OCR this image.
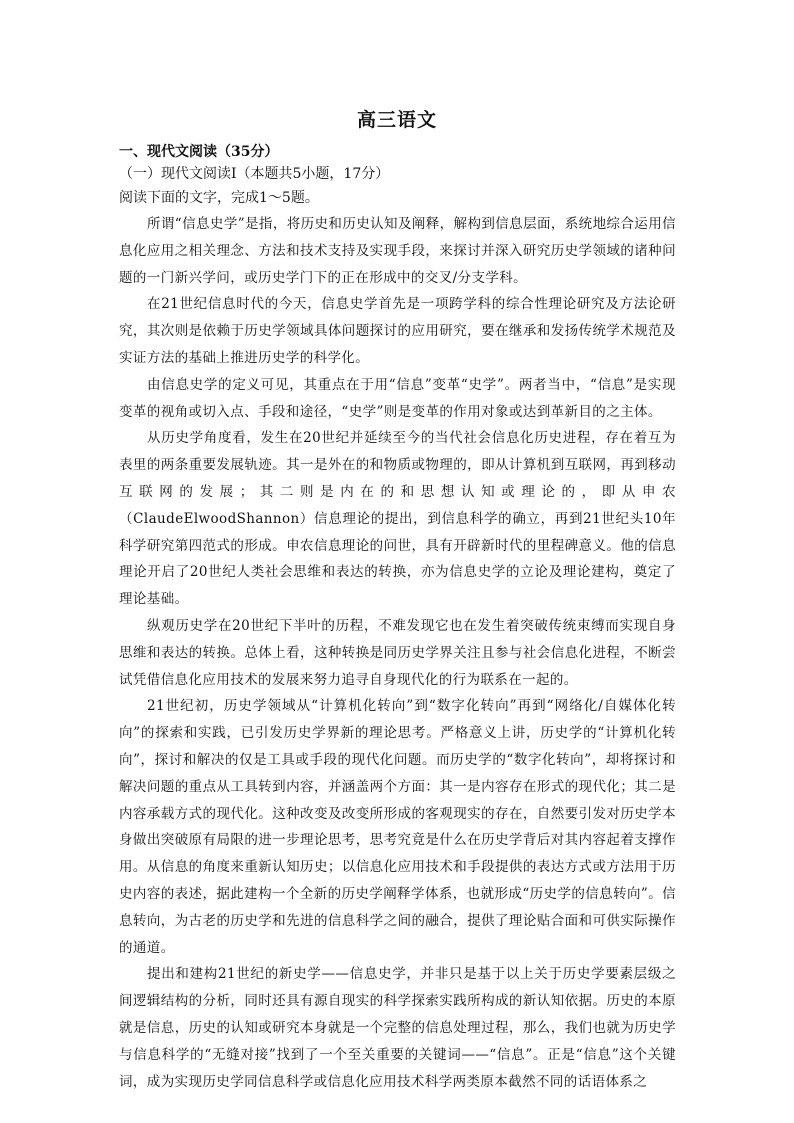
高三语文
一、现代文阅读（35分）
（一）现代文阅读Ⅰ（本题共5小题，17分）
阅读下面的文字，完成1～5题。

所谓“信息史学”是指，将历史和历史认知及阐释，解构到信息层面，系统地综合运用信息化应用之相关理念、方法和技术支持及实现手段，来探讨并深入研究历史学领域的诸种问题的一门新兴学问，或历史学门下的正在形成中的交叉/分支学科。

在21世纪信息时代的今天，信息史学首先是一项跨学科的综合性理论研究及方法论研究，其次则是依赖于历史学领域具体问题探讨的应用研究，要在继承和发扬传统学术规范及实证方法的基础上推进历史学的科学化。

由信息史学的定义可见，其重点在于用“信息”变革“史学”。两者当中，“信息”是实现变革的视角或切入点、手段和途径，“史学”则是变革的作用对象或达到革新目的之主体。

从历史学角度看，发生在20世纪并延续至今的当代社会信息化历史进程，存在着互为表里的两条重要发展轨迹。其一是外在的和物质或物理的，即从计算机到互联网，再到移动互联网的发展；其二则是内在的和思想认知或理论的，即从申农（ClaudeElwoodShannon）信息理论的提出，到信息科学的确立，再到21世纪头10年科学研究第四范式的形成。申农信息理论的问世，具有开辟新时代的里程碑意义。他的信息理论开启了20世纪人类社会思维和表达的转换，亦为信息史学的立论及理论建构，奠定了理论基础。

纵观历史学在20世纪下半叶的历程，不难发现它也在发生着突破传统束缚而实现自身思维和表达的转换。总体上看，这种转换是同历史学界关注且参与社会信息化进程，不断尝试凭借信息化应用技术的发展来努力追寻自身现代化的行为联系在一起的。

21世纪初，历史学领域从“计算机化转向”到“数字化转向”再到“网络化/自媒体化转向”的探索和实践，已引发历史学界新的理论思考。严格意义上讲，历史学的“计算机化转向”，探讨和解决的仅是工具或手段的现代化问题。而历史学的“数字化转向”，却将探讨和解决问题的重点从工具转到内容，并涵盖两个方面：其一是内容存在形式的现代化；其二是内容承载方式的现代化。这种改变及改变所形成的客观现实的存在，自然要引发对历史学本身做出突破原有局限的进一步理论思考，思考究竟是什么在历史学背后对其内容起着支撑作用。从信息的角度来重新认知历史；以信息化应用技术和手段提供的表达方式或方法用于历史内容的表述，据此建构一个全新的历史学阐释学体系，也就形成“历史学的信息转向”。信息转向，为古老的历史学和先进的信息科学之间的融合，提供了理论贴合面和可供实际操作的通道。

提出和建构21世纪的新史学——信息史学，并非只是基于以上关于历史学要素层级之间逻辑结构的分析，同时还具有源自现实的科学探索实践所构成的新认知依据。历史的本原就是信息，历史的认知或研究本身就是一个完整的信息处理过程，那么，我们也就为历史学与信息科学的“无缝对接”找到了一个至关重要的关键词——“信息”。正是“信息”这个关键词，成为实现历史学同信息科学或信息化应用技术科学两类原本截然不同的话语体系之
